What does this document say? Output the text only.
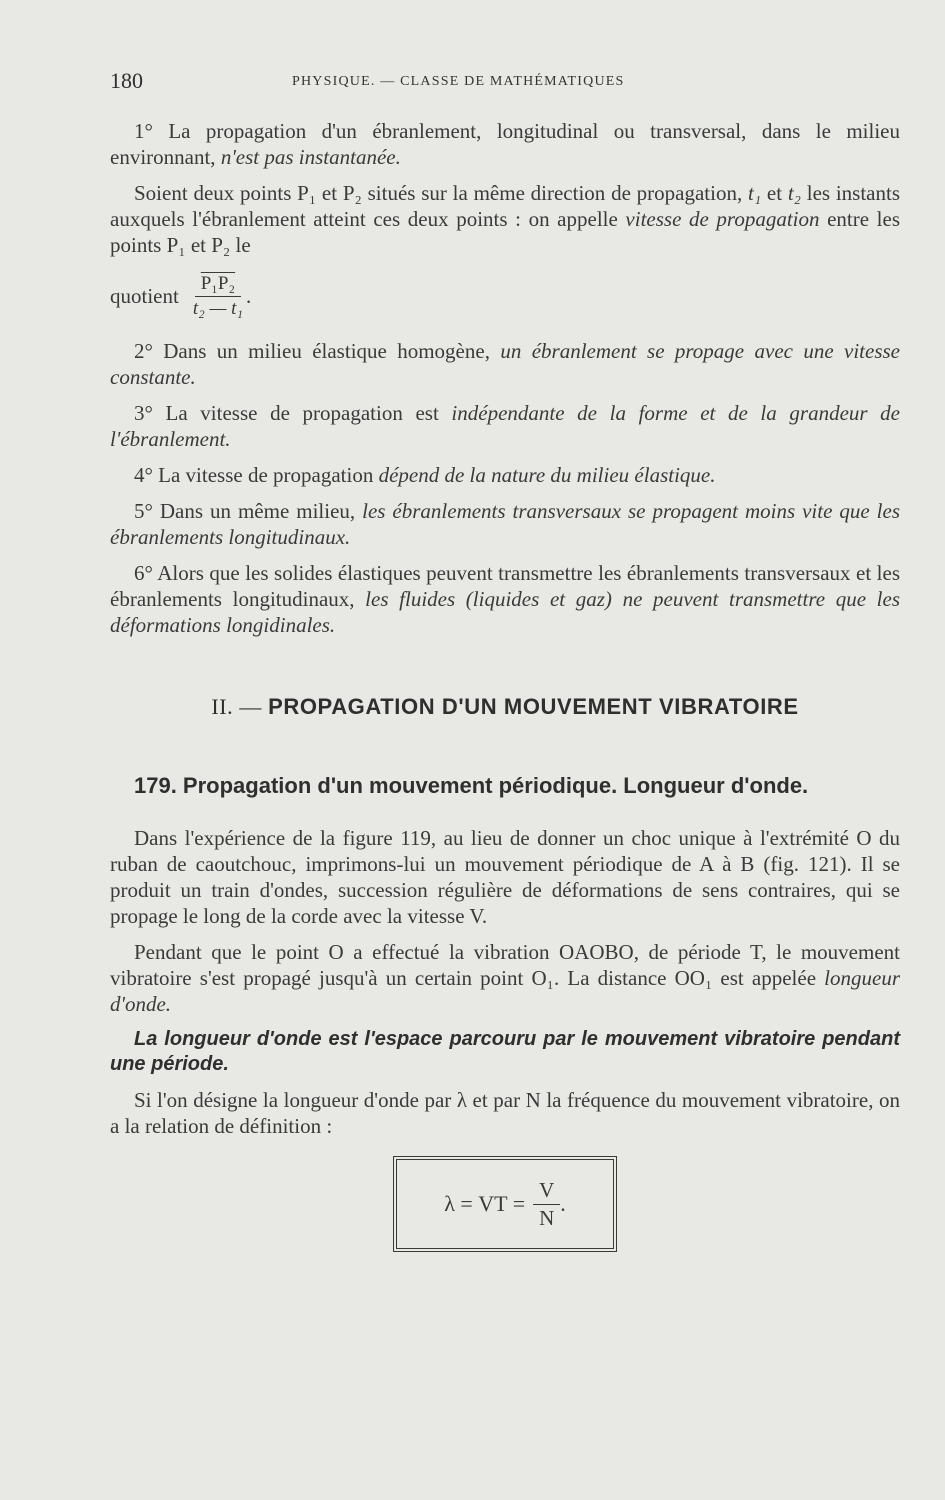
180	PHYSIQUE. — CLASSE DE MATHÉMATIQUES

1° La propagation d'un ébranlement, longitudinal ou transversal, dans le milieu environnant, n'est pas instantanée.

Soient deux points P₁ et P₂ situés sur la même direction de propagation, t₁ et t₂ les instants auxquels l'ébranlement atteint ces deux points : on appelle vitesse de propagation entre les points P₁ et P₂ le

quotient $\frac{\text{P₁P₂}}{\text{t₂ — t₁}}$ .

2° Dans un milieu élastique homogène, un ébranlement se propage avec une vitesse constante.

3° La vitesse de propagation est indépendante de la forme et de la grandeur de l'ébranlement.

4° La vitesse de propagation dépend de la nature du milieu élastique.

5° Dans un même milieu, les ébranlements transversaux se propagent moins vite que les ébranlements longitudinaux.

6° Alors que les solides élastiques peuvent transmettre les ébranlements transversaux et les ébranlements longitudinaux, les fluides (liquides et gaz) ne peuvent transmettre que les déformations longidinales.

II. — PROPAGATION D'UN MOUVEMENT VIBRATOIRE
179. Propagation d'un mouvement périodique. Longueur d'onde.

Dans l'expérience de la figure 119, au lieu de donner un choc unique à l'extrémité O du ruban de caoutchouc, imprimons-lui un mouvement périodique de A à B (fig. 121). Il se produit un train d'ondes, succession régulière de déformations de sens contraires, qui se propage le long de la corde avec la vitesse V.

Pendant que le point O a effectué la vibration OAOBO, de période T, le mouvement vibratoire s'est propagé jusqu'à un certain point O₁. La distance OO₁ est appelée longueur d'onde.

La longueur d'onde est l'espace parcouru par le mouvement vibratoire pendant une période.

Si l'on désigne la longueur d'onde par λ et par N la fréquence du mouvement vibratoire, on a la relation de définition :

λ = VT = $\frac{V}{N}$ .
